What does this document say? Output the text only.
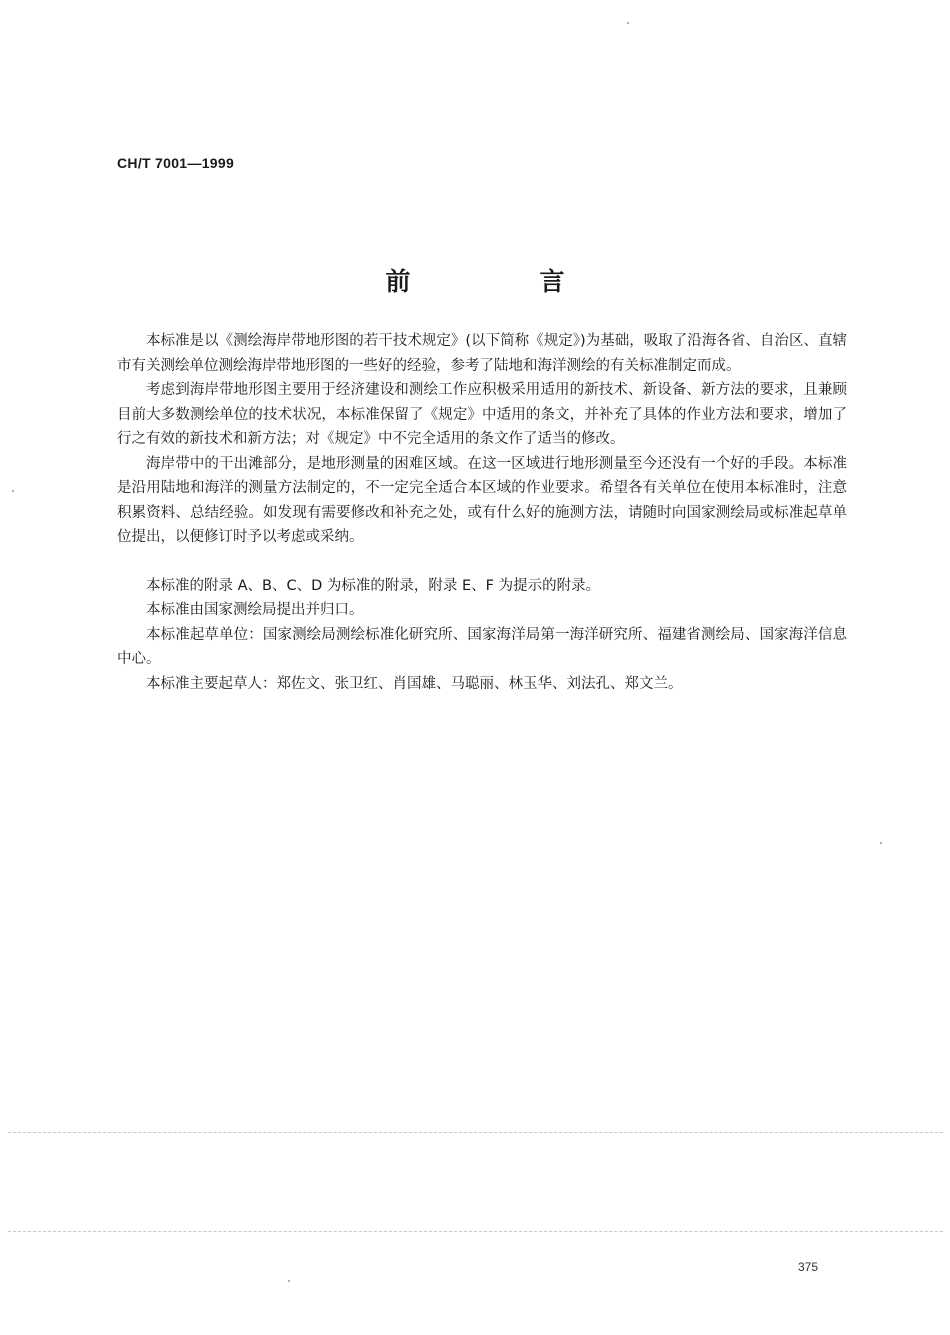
CH/T 7001—1999
前　言

本标准是以《测绘海岸带地形图的若干技术规定》(以下简称《规定》)为基础，吸取了沿海各省、自治区、直辖市有关测绘单位测绘海岸带地形图的一些好的经验，参考了陆地和海洋测绘的有关标准制定而成。

考虑到海岸带地形图主要用于经济建设和测绘工作应积极采用适用的新技术、新设备、新方法的要求，且兼顾目前大多数测绘单位的技术状况，本标准保留了《规定》中适用的条文，并补充了具体的作业方法和要求，增加了行之有效的新技术和新方法；对《规定》中不完全适用的条文作了适当的修改。

海岸带中的干出滩部分，是地形测量的困难区域。在这一区域进行地形测量至今还没有一个好的手段。本标准是沿用陆地和海洋的测量方法制定的，不一定完全适合本区域的作业要求。希望各有关单位在使用本标准时，注意积累资料、总结经验。如发现有需要修改和补充之处，或有什么好的施测方法，请随时向国家测绘局或标准起草单位提出，以便修订时予以考虑或采纳。

本标准的附录 A、B、C、D 为标准的附录，附录 E、F 为提示的附录。

本标准由国家测绘局提出并归口。

本标准起草单位：国家测绘局测绘标准化研究所、国家海洋局第一海洋研究所、福建省测绘局、国家海洋信息中心。

本标准主要起草人：郑佐文、张卫红、肖国雄、马聪丽、林玉华、刘法孔、郑文兰。

375
